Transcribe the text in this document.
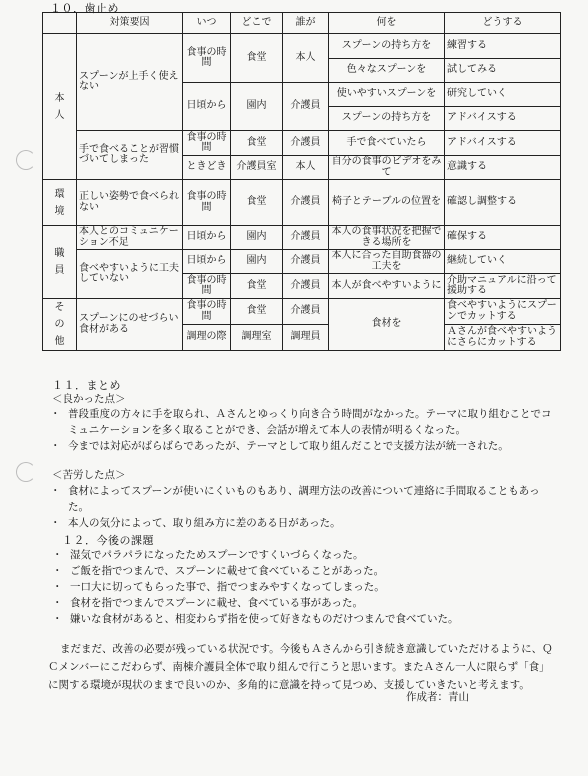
１０．歯止め
	対策要因	いつ	どこで	誰が	何を	どうする
本人	スプーンが上手く使えない	食事の時間	食堂	本人	スプーンの持ち方を	練習する
					色々なスプーンを	試してみる
		日頃から	園内	介護員	使いやすいスプーンを	研究していく
					スプーンの持ち方を	アドバイスする
	手で食べることが習慣づいてしまった	食事の時間	食堂	介護員	手で食べていたら	アドバイスする
		ときどき	介護員室	本人	自分の食事のビデオをみて	意識する
環境	正しい姿勢で食べられない	食事の時間	食堂	介護員	椅子とテーブルの位置を	確認し調整する
職員	本人とのコミュニケーション不足	日頃から	園内	介護員	本人の食事状況を把握できる場所を	確保する
	食べやすいように工夫していない	日頃から	園内	介護員	本人に合った自助食器の工夫を	継続していく
		食事の時間	食堂	介護員	本人が食べやすいように	介助マニュアルに沿って援助する
その他	スプーンにのせづらい食材がある	食事の時間	食堂	介護員	食材を	食べやすいようにスプーンでカットする
		調理の際	調理室	調理員		Ａさんが食べやすいようにさらにカットする
１１．まとめ
＜良かった点＞
・ 普段重度の方々に手を取られ、Ａさんとゆっくり向き合う時間がなかった。テーマに取り組むことでコミュニケーションを多く取ることができ、会話が増えて本人の表情が明るくなった。
・ 今までは対応がばらばらであったが、テーマとして取り組んだことで支援方法が統一された。
＜苦労した点＞
・ 食材によってスプーンが使いにくいものもあり、調理方法の改善について連絡に手間取ることもあった。
・ 本人の気分によって、取り組み方に差のある日があった。
１２．今後の課題
・ 湿気でパラパラになったためスプーンですくいづらくなった。
・ ご飯を指でつまんで、スプーンに載せて食べていることがあった。
・ 一口大に切ってもらった事で、指でつまみやすくなってしまった。
・ 食材を指でつまんでスプーンに載せ、食べている事があった。
・ 嫌いな食材があると、相変わらず指を使って好きなものだけつまんで食べていた。
まだまだ、改善の必要が残っている状況です。今後もＡさんから引き続き意識していただけるように、ＱＣメンバーにこだわらず、南棟介護員全体で取り組んで行こうと思います。またＡさん一人に限らず「食」に関する環境が現状のままで良いのか、多角的に意識を持って見つめ、支援していきたいと考えます。
作成者：青山
